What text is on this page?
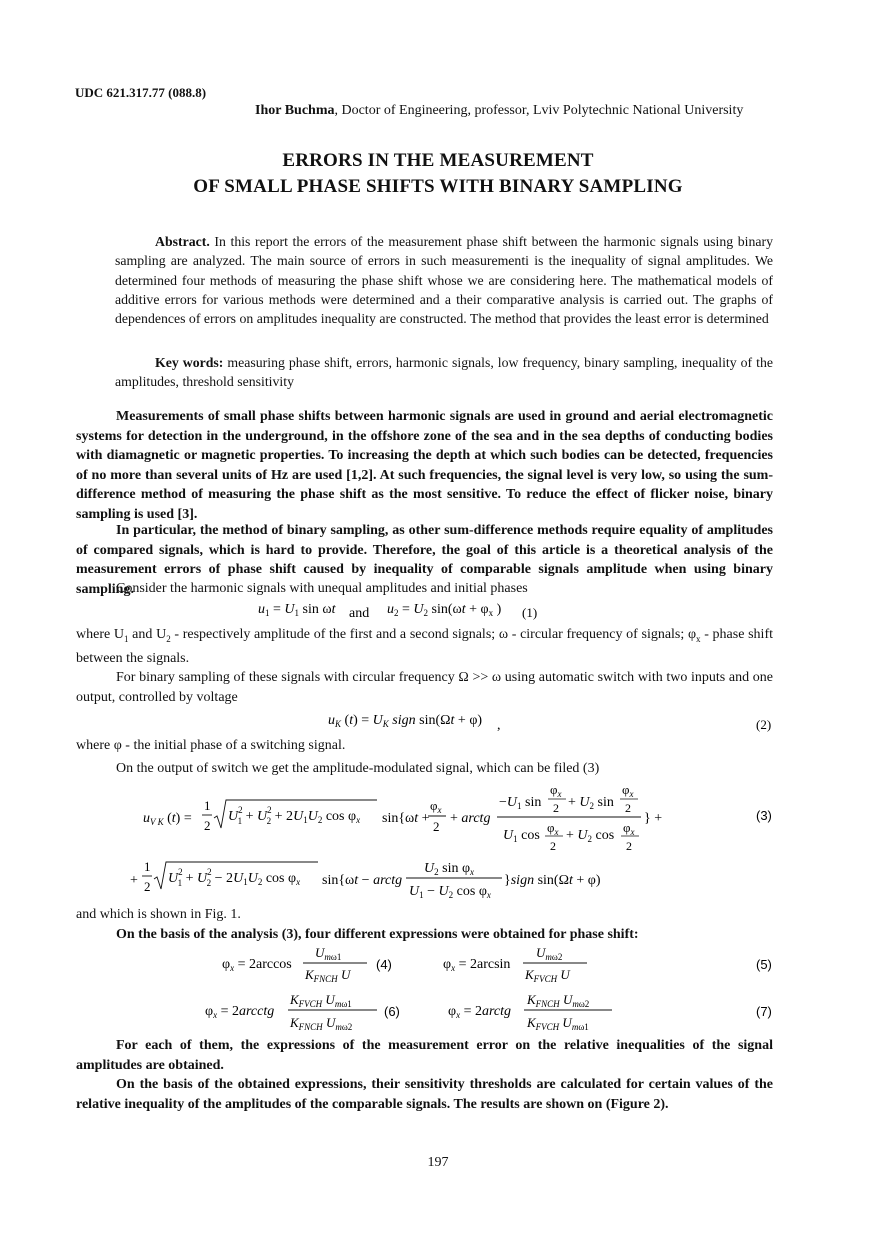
UDC 621.317.77 (088.8)
Ihor Buchma, Doctor of Engineering, professor, Lviv Polytechnic National University
ERRORS IN THE MEASUREMENT
OF SMALL PHASE SHIFTS WITH BINARY SAMPLING
Abstract. In this report the errors of the measurement phase shift between the harmonic signals using binary sampling are analyzed. The main source of errors in such measurementi is the inequality of signal amplitudes. We determined four methods of measuring the phase shift whose we are considering here. The mathematical models of additive errors for various methods were determined and a their comparative analysis is carried out. The graphs of dependences of errors on amplitudes inequality are constructed. The method that provides the least error is determined
Key words: measuring phase shift, errors, harmonic signals, low frequency, binary sampling, inequality of the amplitudes, threshold sensitivity
Measurements of small phase shifts between harmonic signals are used in ground and aerial electromagnetic systems for detection in the underground, in the offshore zone of the sea and in the sea depths of conducting bodies with diamagnetic or magnetic properties. To increasing the depth at which such bodies can be detected, frequencies of no more than several units of Hz are used [1,2]. At such frequencies, the signal level is very low, so using the sum-difference method of measuring the phase shift as the most sensitive. To reduce the effect of flicker noise, binary sampling is used [3].
In particular, the method of binary sampling, as other sum-difference methods require equality of amplitudes of compared signals, which is hard to provide. Therefore, the goal of this article is a theoretical analysis of the measurement errors of phase shift caused by inequality of comparable signals amplitude when using binary sampling.
Consider the harmonic signals with unequal amplitudes and initial phases
$u_1 = U_1$ sin ωt and $u_2 = U_2$ $\sin(\omega t + \varphi_x$ ) (1)
where $U_1$ and $U_2$ - respectively amplitude of the first and a second signals; ω - circular frequency of signals; $\varphi_x$ - phase shift between the signals.
For binary sampling of these signals with circular frequency Ω >> ω using automatic switch with two inputs and one output, controlled by voltage
$u_K$ $(t) = U_K$ sign sin(Ωt + φ) ,	(2)
where φ - the initial phase of a switching signal.
On the output of switch we get the amplitude-modulated signal, which can be filed (3)
$u_{V K}$ (t) =
1
2
$U^2$ $1 + U^2$ $2 + 2U_1U_2$ $\cos \varphi_x$ sin{ωt +
$\varphi_x$
2
+ arctg
$-U_1$ sin
$\varphi_x$
$2 + U_2$ sin
$\varphi_x$
2
$U_1$ cos
$\varphi_x$
2
+ $U_2$ cos
$\varphi_x$
2
} +	(3)
+
1
2
$U^2$ $1 + U^2$ $2 - 2U_1U_2$ $\cos \varphi_x$ sin{ωt − arctg
$U_2$ $\sin \varphi_x$
$U_1 - U_2$ $\cos \varphi_x$
}sign sin(Ωt + φ)
and which is shown in Fig. 1.
On the basis of the analysis (3), four different expressions were obtained for phase shift:
$\varphi_x = 2\arccos$
$U_m\omega 1$
$K_{FNCH}$ U
(4)	$\varphi_x = 2\arcsin$
$U_m\omega 2$
$K_{FVCH}$ U
(5)
$\varphi_x$ = 2arcctg
$K_{FVCH}$ $U_m\omega 1$
$K_{FNCH}$ $U_m\omega 2$
(6)	$\varphi_x$ = 2arctg
$K_{FNCH}$ $U_m\omega 2$
$K_{FVCH}$ $U_m\omega 1$
(7)
For each of them, the expressions of the measurement error on the relative inequalities of the signal amplitudes are obtained.
On the basis of the obtained expressions, their sensitivity thresholds are calculated for certain values of the relative inequality of the amplitudes of the comparable signals. The results are shown on (Figure 2).
197
